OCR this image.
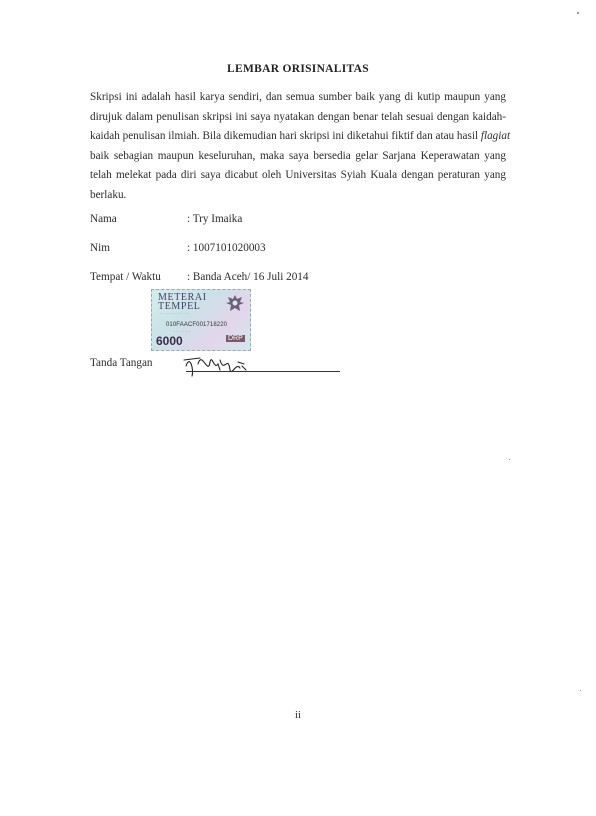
LEMBAR ORISINALITAS
Skripsi ini adalah hasil karya sendiri, dan semua sumber baik yang di kutip maupun yang
dirujuk dalam penulisan skripsi ini saya nyatakan dengan benar telah sesuai dengan kaidah-
kaidah penulisan ilmiah. Bila dikemudian hari skripsi ini diketahui fiktif dan atau hasil flagiat
baik sebagian maupun keseluruhan, maka saya bersedia gelar Sarjana Keperawatan yang
telah melekat pada diri saya dicabut oleh Universitas Syiah Kuala dengan peraturan yang
berlaku.
Nama	: Try Imaika
Nim	: 1007101020003
Tempat / Waktu : Banda Aceh/ 16 Juli 2014
METERAI
TEMPEL
· · · · · · · · · · · · · ·
010FAACF001718220
· · · · · · · ·
6000	DRP
Tanda Tangan
ii
